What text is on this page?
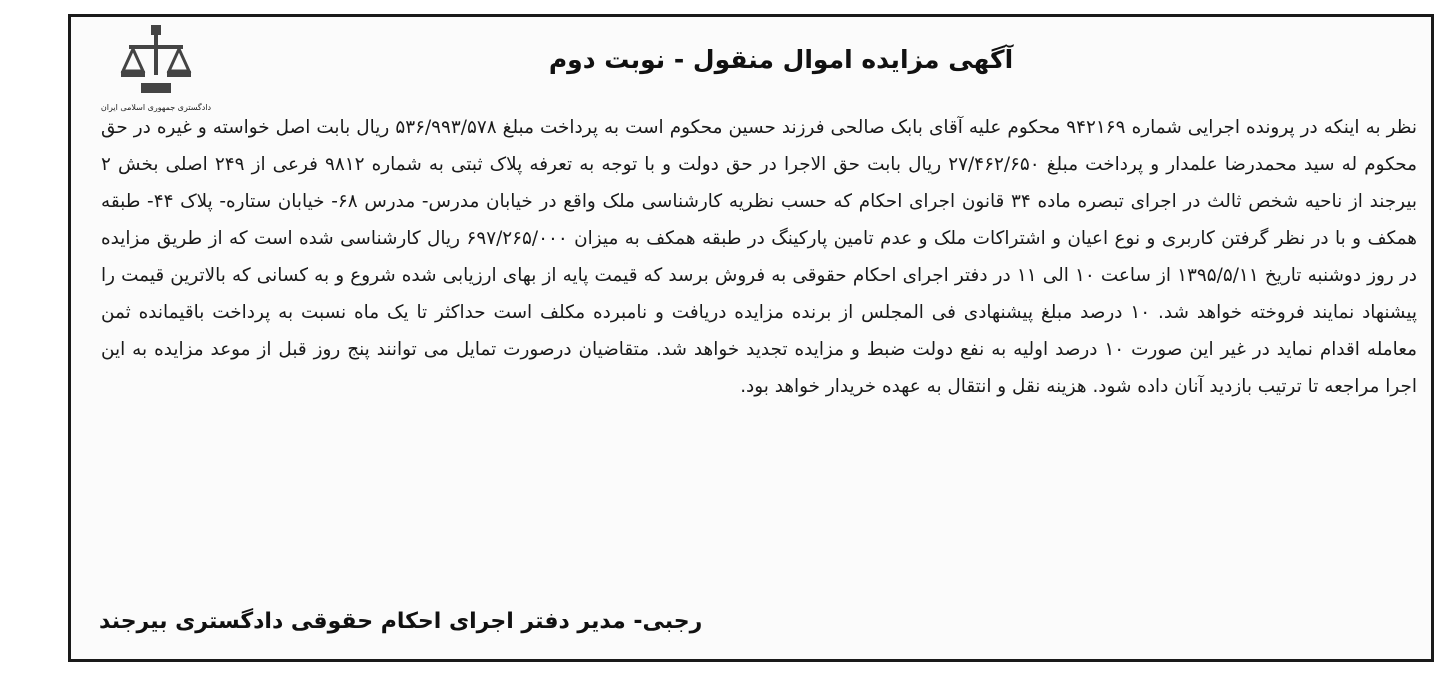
دادگستری جمهوری اسلامی ایران
آگهی مزایده اموال منقول - نوبت دوم
نظر به اینکه در پرونده اجرایی شماره ۹۴۲۱۶۹ محکوم علیه آقای بابک صالحی فرزند حسین محکوم است به پرداخت مبلغ ۵۳۶/۹۹۳/۵۷۸ ریال بابت اصل خواسته و غیره در حق محکوم له سید محمدرضا علمدار و پرداخت مبلغ ۲۷/۴۶۲/۶۵۰ ریال بابت حق الاجرا در حق دولت و با توجه به تعرفه پلاک ثبتی به شماره ۹۸۱۲ فرعی از ۲۴۹ اصلی بخش ۲ بیرجند از ناحیه شخص ثالث در اجرای تبصره ماده ۳۴ قانون اجرای احکام که حسب نظریه کارشناسی ملک واقع در خیابان مدرس- مدرس ۶۸- خیابان ستاره- پلاک ۴۴- طبقه همکف و با در نظر گرفتن کاربری و نوع اعیان و اشتراکات ملک و عدم تامین پارکینگ در طبقه همکف به میزان ۶۹۷/۲۶۵/۰۰۰ ریال کارشناسی شده است که از طریق مزایده در روز دوشنبه تاریخ ۱۳۹۵/۵/۱۱ از ساعت ۱۰ الی ۱۱ در دفتر اجرای احکام حقوقی به فروش برسد که قیمت پایه از بهای ارزیابی شده شروع و به کسانی که بالاترین قیمت را پیشنهاد نمایند فروخته خواهد شد. ۱۰ درصد مبلغ پیشنهادی فی المجلس از برنده مزایده دریافت و نامبرده مکلف است حداکثر تا یک ماه نسبت به پرداخت باقیمانده ثمن معامله اقدام نماید در غیر این صورت ۱۰ درصد اولیه به نفع دولت ضبط و مزایده تجدید خواهد شد. متقاضیان درصورت تمایل می توانند پنج روز قبل از موعد مزایده به این اجرا مراجعه تا ترتیب بازدید آنان داده شود. هزینه نقل و انتقال به عهده خریدار خواهد بود.
رجبی- مدیر دفتر اجرای احکام حقوقی دادگستری بیرجند
